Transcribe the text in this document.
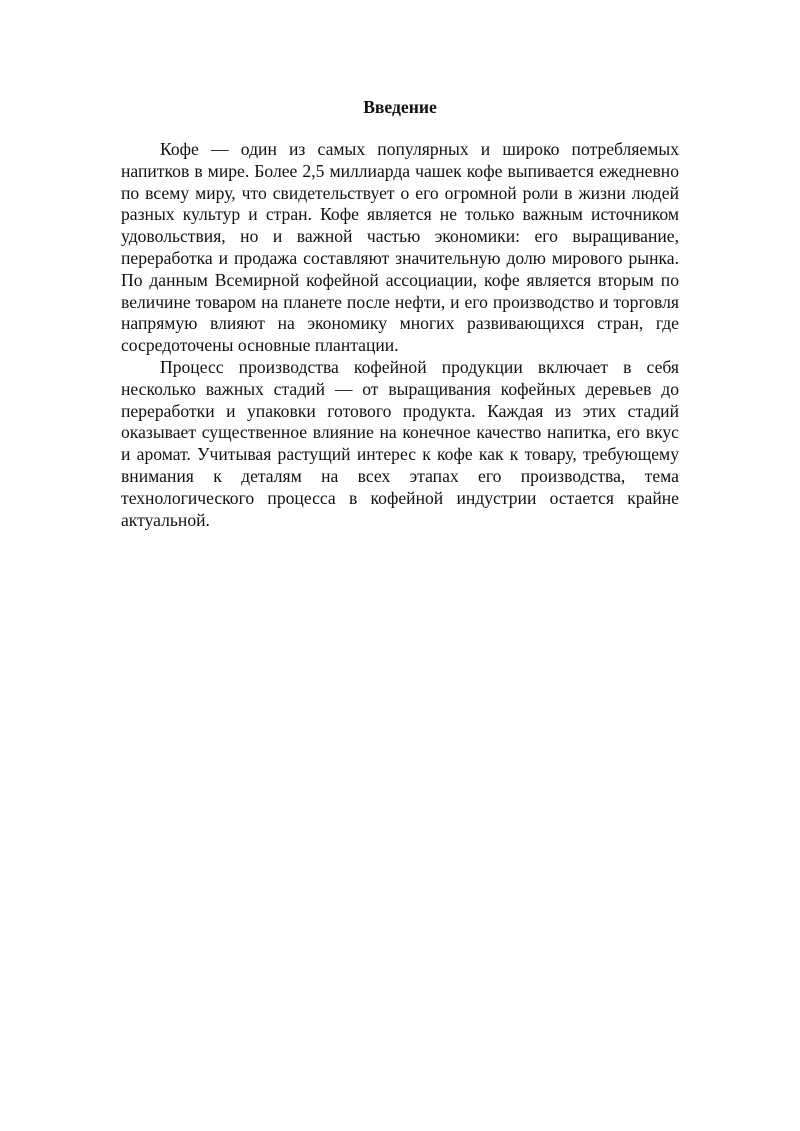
Введение

Кофе — один из самых популярных и широко потребляемых напитков в мире. Более 2,5 миллиарда чашек кофе выпивается ежедневно по всему миру, что свидетельствует о его огромной роли в жизни людей разных культур и стран. Кофе является не только важным источником удовольствия, но и важной частью экономики: его выращивание, переработка и продажа составляют значительную долю мирового рынка. По данным Всемирной кофейной ассоциации, кофе является вторым по величине товаром на планете после нефти, и его производство и торговля напрямую влияют на экономику многих развивающихся стран, где сосредоточены основные плантации.

Процесс производства кофейной продукции включает в себя несколько важных стадий — от выращивания кофейных деревьев до переработки и упаковки готового продукта. Каждая из этих стадий оказывает существенное влияние на конечное качество напитка, его вкус и аромат. Учитывая растущий интерес к кофе как к товару, требующему внимания к деталям на всех этапах его производства, тема технологического процесса в кофейной индустрии остается крайне актуальной.
